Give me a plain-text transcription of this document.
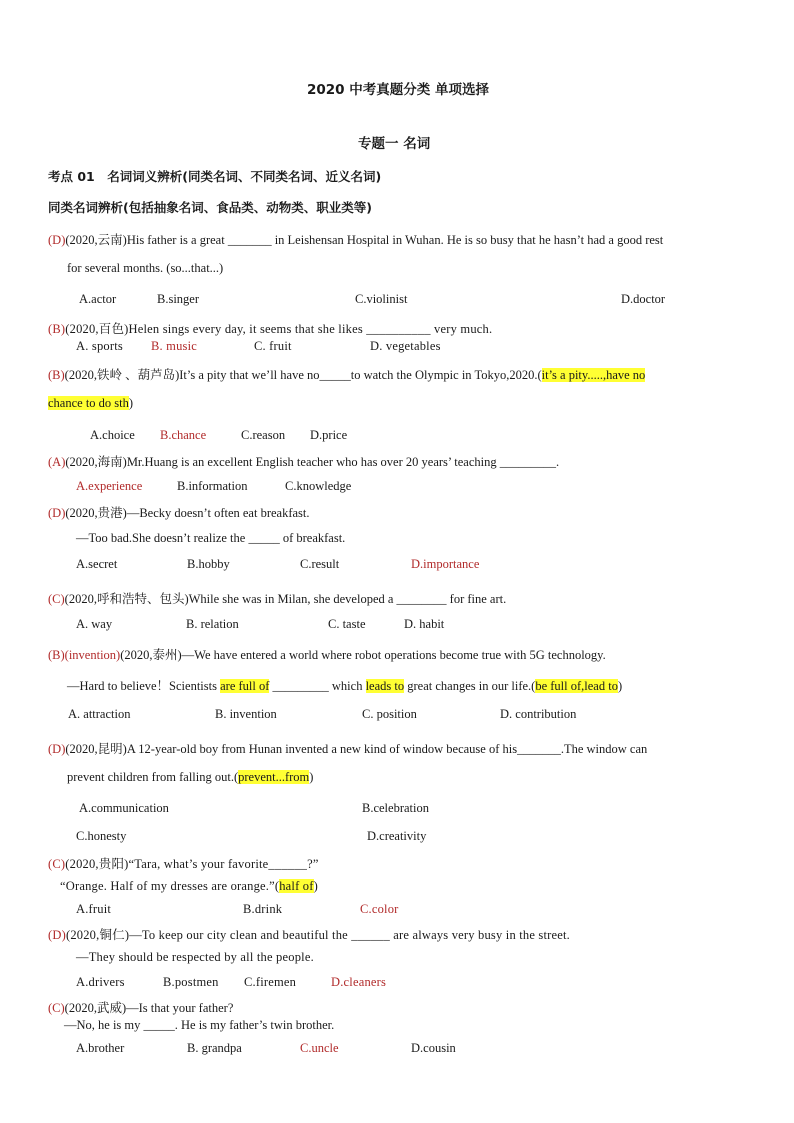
2020 中考真题分类 单项选择
专题一 名词
考点 01　名词词义辨析(同类名词、不同类名词、近义名词)
同类名词辨析(包括抽象名词、食品类、动物类、职业类等)
(D)(2020,云南)His father is a great _______ in Leishensan Hospital in Wuhan. He is so busy that he hasn’t had a good rest
for several months. (so...that...)
A.actor	B.singer	C.violinist	D.doctor
(B)(2020,百色)Helen sings every day, it seems that she likes __________ very much.
A. sports B. music	C. fruit	D. vegetables
(B)(2020,铁岭 、葫芦岛)It’s a pity that we’ll have no_____to watch the Olympic in Tokyo,2020.(it’s a pity.....,have no
chance to do sth)
A.choice B.chance	C.reason D.price
(A)(2020,海南)Mr.Huang is an excellent English teacher who has over 20 years’ teaching _________.
A.experience	B.information	C.knowledge
(D)(2020,贵港)—Becky doesn’t often eat breakfast.
—Too bad.She doesn’t realize the _____ of breakfast.
A.secret	B.hobby	C.result	D.importance
(C)(2020,呼和浩特、包头)While she was in Milan, she developed a ________ for fine art.
A. way	B. relation	C. taste	D. habit
(B)(invention)(2020,泰州)—We have entered a world where robot operations become true with 5G technology.
—Hard to believe！Scientists are full of _________ which leads to great changes in our life.(be full of,lead to)
A. attraction	B. invention	C. position	D. contribution
(D)(2020,昆明)A 12-year-old boy from Hunan invented a new kind of window because of his_______.The window can
prevent children from falling out.(prevent...from)
A.communication	B.celebration
C.honesty	D.creativity
(C)(2020,贵阳)“Tara, what’s your favorite______?”
“Orange. Half of my dresses are orange.”(half of)
A.fruit	B.drink	C.color
(D)(2020,铜仁)—To keep our city clean and beautiful the ______ are always very busy in the street.
—They should be respected by all the people.
A.drivers	B.postmen C.firemen	D.cleaners
(C)(2020,武威)—Is that your father?
—No, he is my _____. He is my father’s twin brother.
A.brother	B. grandpa	C.uncle	D.cousin
